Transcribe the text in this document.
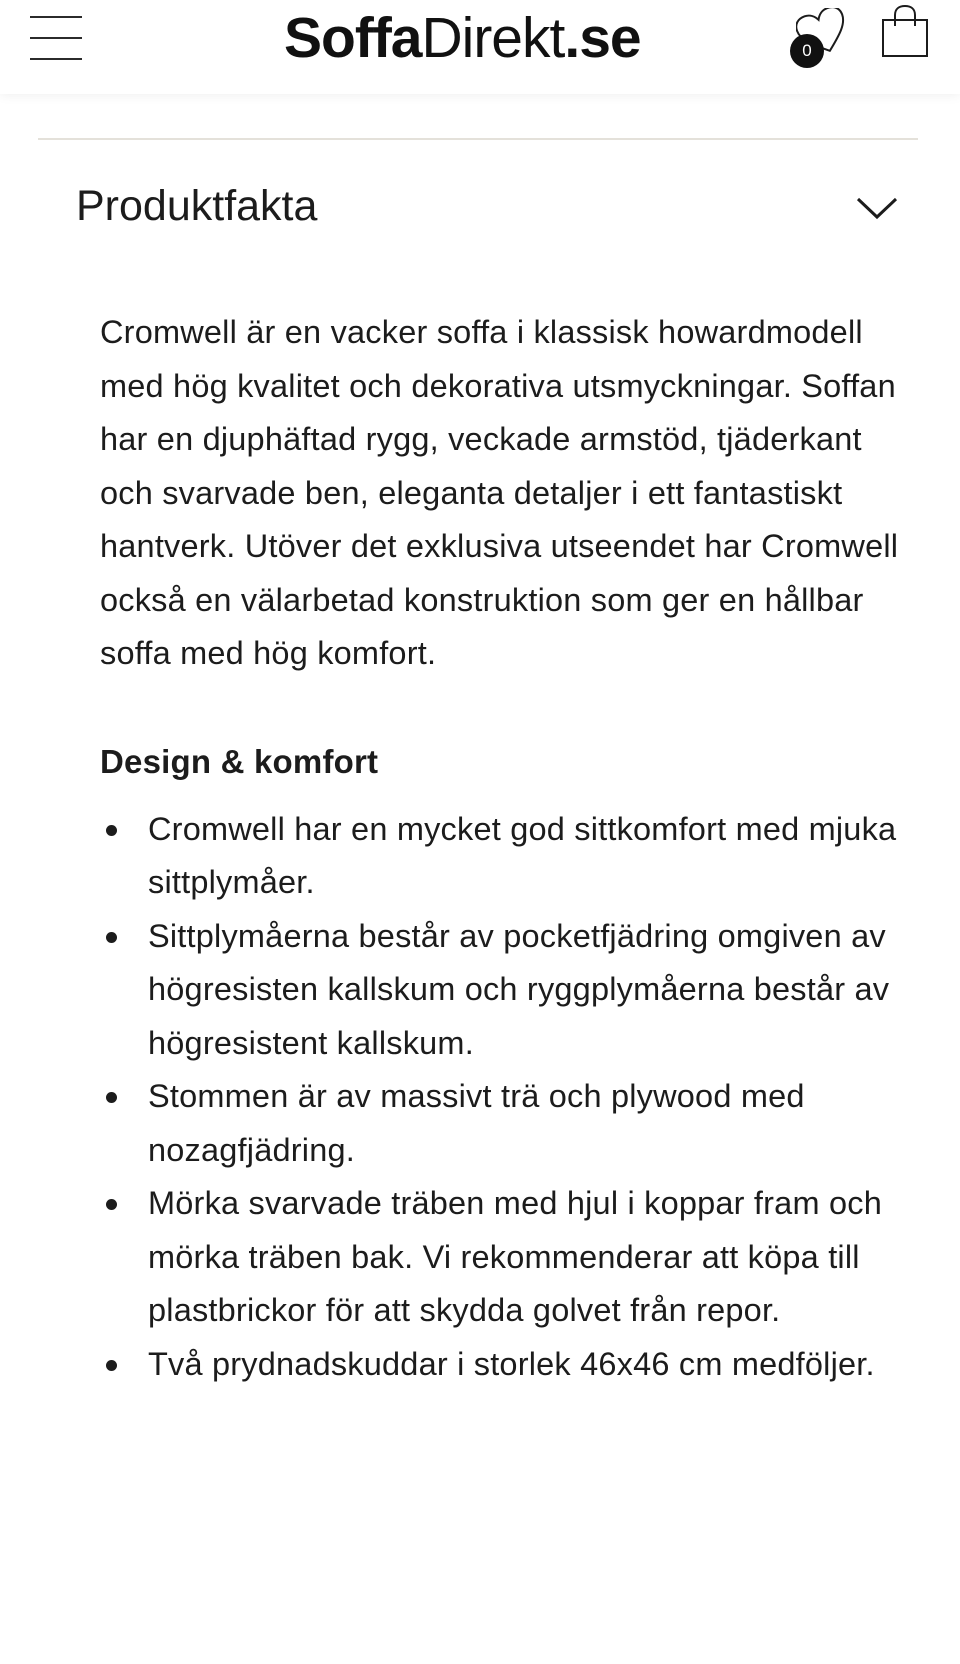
SoffaDirekt.se	0
Produktfakta

Cromwell är en vacker soffa i klassisk howardmodell med hög kvalitet och dekorativa utsmyckningar. Soffan har en djuphäftad rygg, veckade armstöd, tjäderkant och svarvade ben, eleganta detaljer i ett fantastiskt hantverk. Utöver det exklusiva utseendet har Cromwell också en välarbetad konstruktion som ger en hållbar soffa med hög komfort.

Design & komfort
Cromwell har en mycket god sittkomfort med mjuka sittplymåer.
Sittplymåerna består av pocketfjädring omgiven av högresisten kallskum och ryggplymåerna består av högresistent kallskum.
Stommen är av massivt trä och plywood med nozagfjädring.
Mörka svarvade träben med hjul i koppar fram och mörka träben bak. Vi rekommenderar att köpa till plastbrickor för att skydda golvet från repor.
Två prydnadskuddar i storlek 46x46 cm medföljer.
